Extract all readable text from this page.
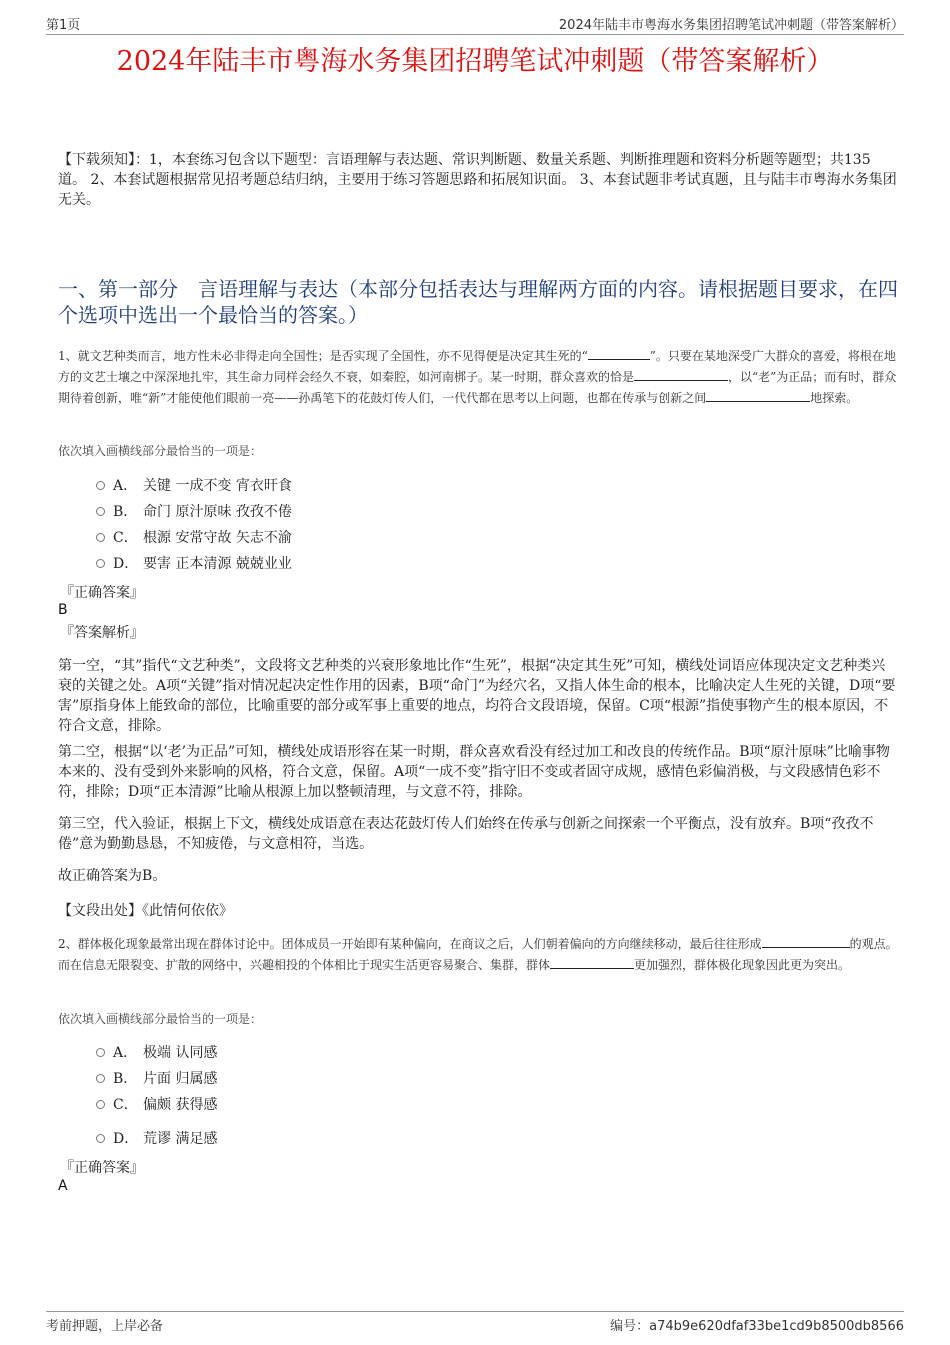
第1页	2024年陆丰市粤海水务集团招聘笔试冲刺题（带答案解析）
2024年陆丰市粤海水务集团招聘笔试冲刺题（带答案解析）
【下载须知】：1，本套练习包含以下题型：言语理解与表达题、常识判断题、数量关系题、判断推理题和资料分析题等题型；共135道。 2、本套试题根据常见招考题总结归纳，主要用于练习答题思路和拓展知识面。 3、本套试题非考试真题，且与陆丰市粤海水务集团无关。
一、第一部分　言语理解与表达（本部分包括表达与理解两方面的内容。请根据题目要求，在四个选项中选出一个最恰当的答案。）
1、就文艺种类而言，地方性未必非得走向全国性；是否实现了全国性，亦不见得便是决定其生死的“	”。只要在某地深受广大群众的喜爱，将根在地方的文艺土壤之中深深地扎牢，其生命力同样会经久不衰，如秦腔，如河南梆子。某一时期，群众喜欢的恰是	，以“老”为正品；而有时，群众期待着创新，唯“新”才能使他们眼前一亮——孙禹笔下的花鼓灯传人们，一代代都在思考以上问题，也都在传承与创新之间	地探索。
依次填入画横线部分最恰当的一项是：
A． 关键 一成不变 宵衣旰食
B． 命门 原汁原味 孜孜不倦
C． 根源 安常守故 矢志不渝
D． 要害 正本清源 兢兢业业
『正确答案』
B
『答案解析』
第一空，“其”指代“文艺种类”，文段将文艺种类的兴衰形象地比作“生死”，根据“决定其生死”可知，横线处词语应体现决定文艺种类兴衰的关键之处。A项“关键”指对情况起决定性作用的因素，B项“命门”为经穴名，又指人体生命的根本，比喻决定人生死的关键，D项“要害”原指身体上能致命的部位，比喻重要的部分或军事上重要的地点，均符合文段语境，保留。C项“根源”指使事物产生的根本原因，不符合文意，排除。
第二空，根据“以‘老’为正品”可知，横线处成语形容在某一时期，群众喜欢看没有经过加工和改良的传统作品。B项“原汁原味”比喻事物本来的、没有受到外来影响的风格，符合文意，保留。A项“一成不变”指守旧不变或者固守成规，感情色彩偏消极，与文段感情色彩不符，排除；D项“正本清源”比喻从根源上加以整顿清理，与文意不符，排除。
第三空，代入验证，根据上下文，横线处成语意在表达花鼓灯传人们始终在传承与创新之间探索一个平衡点，没有放弃。B项“孜孜不倦”意为勤勤恳恳，不知疲倦，与文意相符，当选。
故正确答案为B。
【文段出处】《此情何依依》
2、群体极化现象最常出现在群体讨论中。团体成员一开始即有某种偏向，在商议之后，人们朝着偏向的方向继续移动，最后往往形成	的观点。而在信息无限裂变、扩散的网络中，兴趣相投的个体相比于现实生活更容易聚合、集群，群体	更加强烈，群体极化现象因此更为突出。
依次填入画横线部分最恰当的一项是：
A． 极端 认同感
B． 片面 归属感
C． 偏颇 获得感
D． 荒谬 满足感
『正确答案』
A
考前押题，上岸必备	编号：a74b9e620dfaf33be1cd9b8500db8566
